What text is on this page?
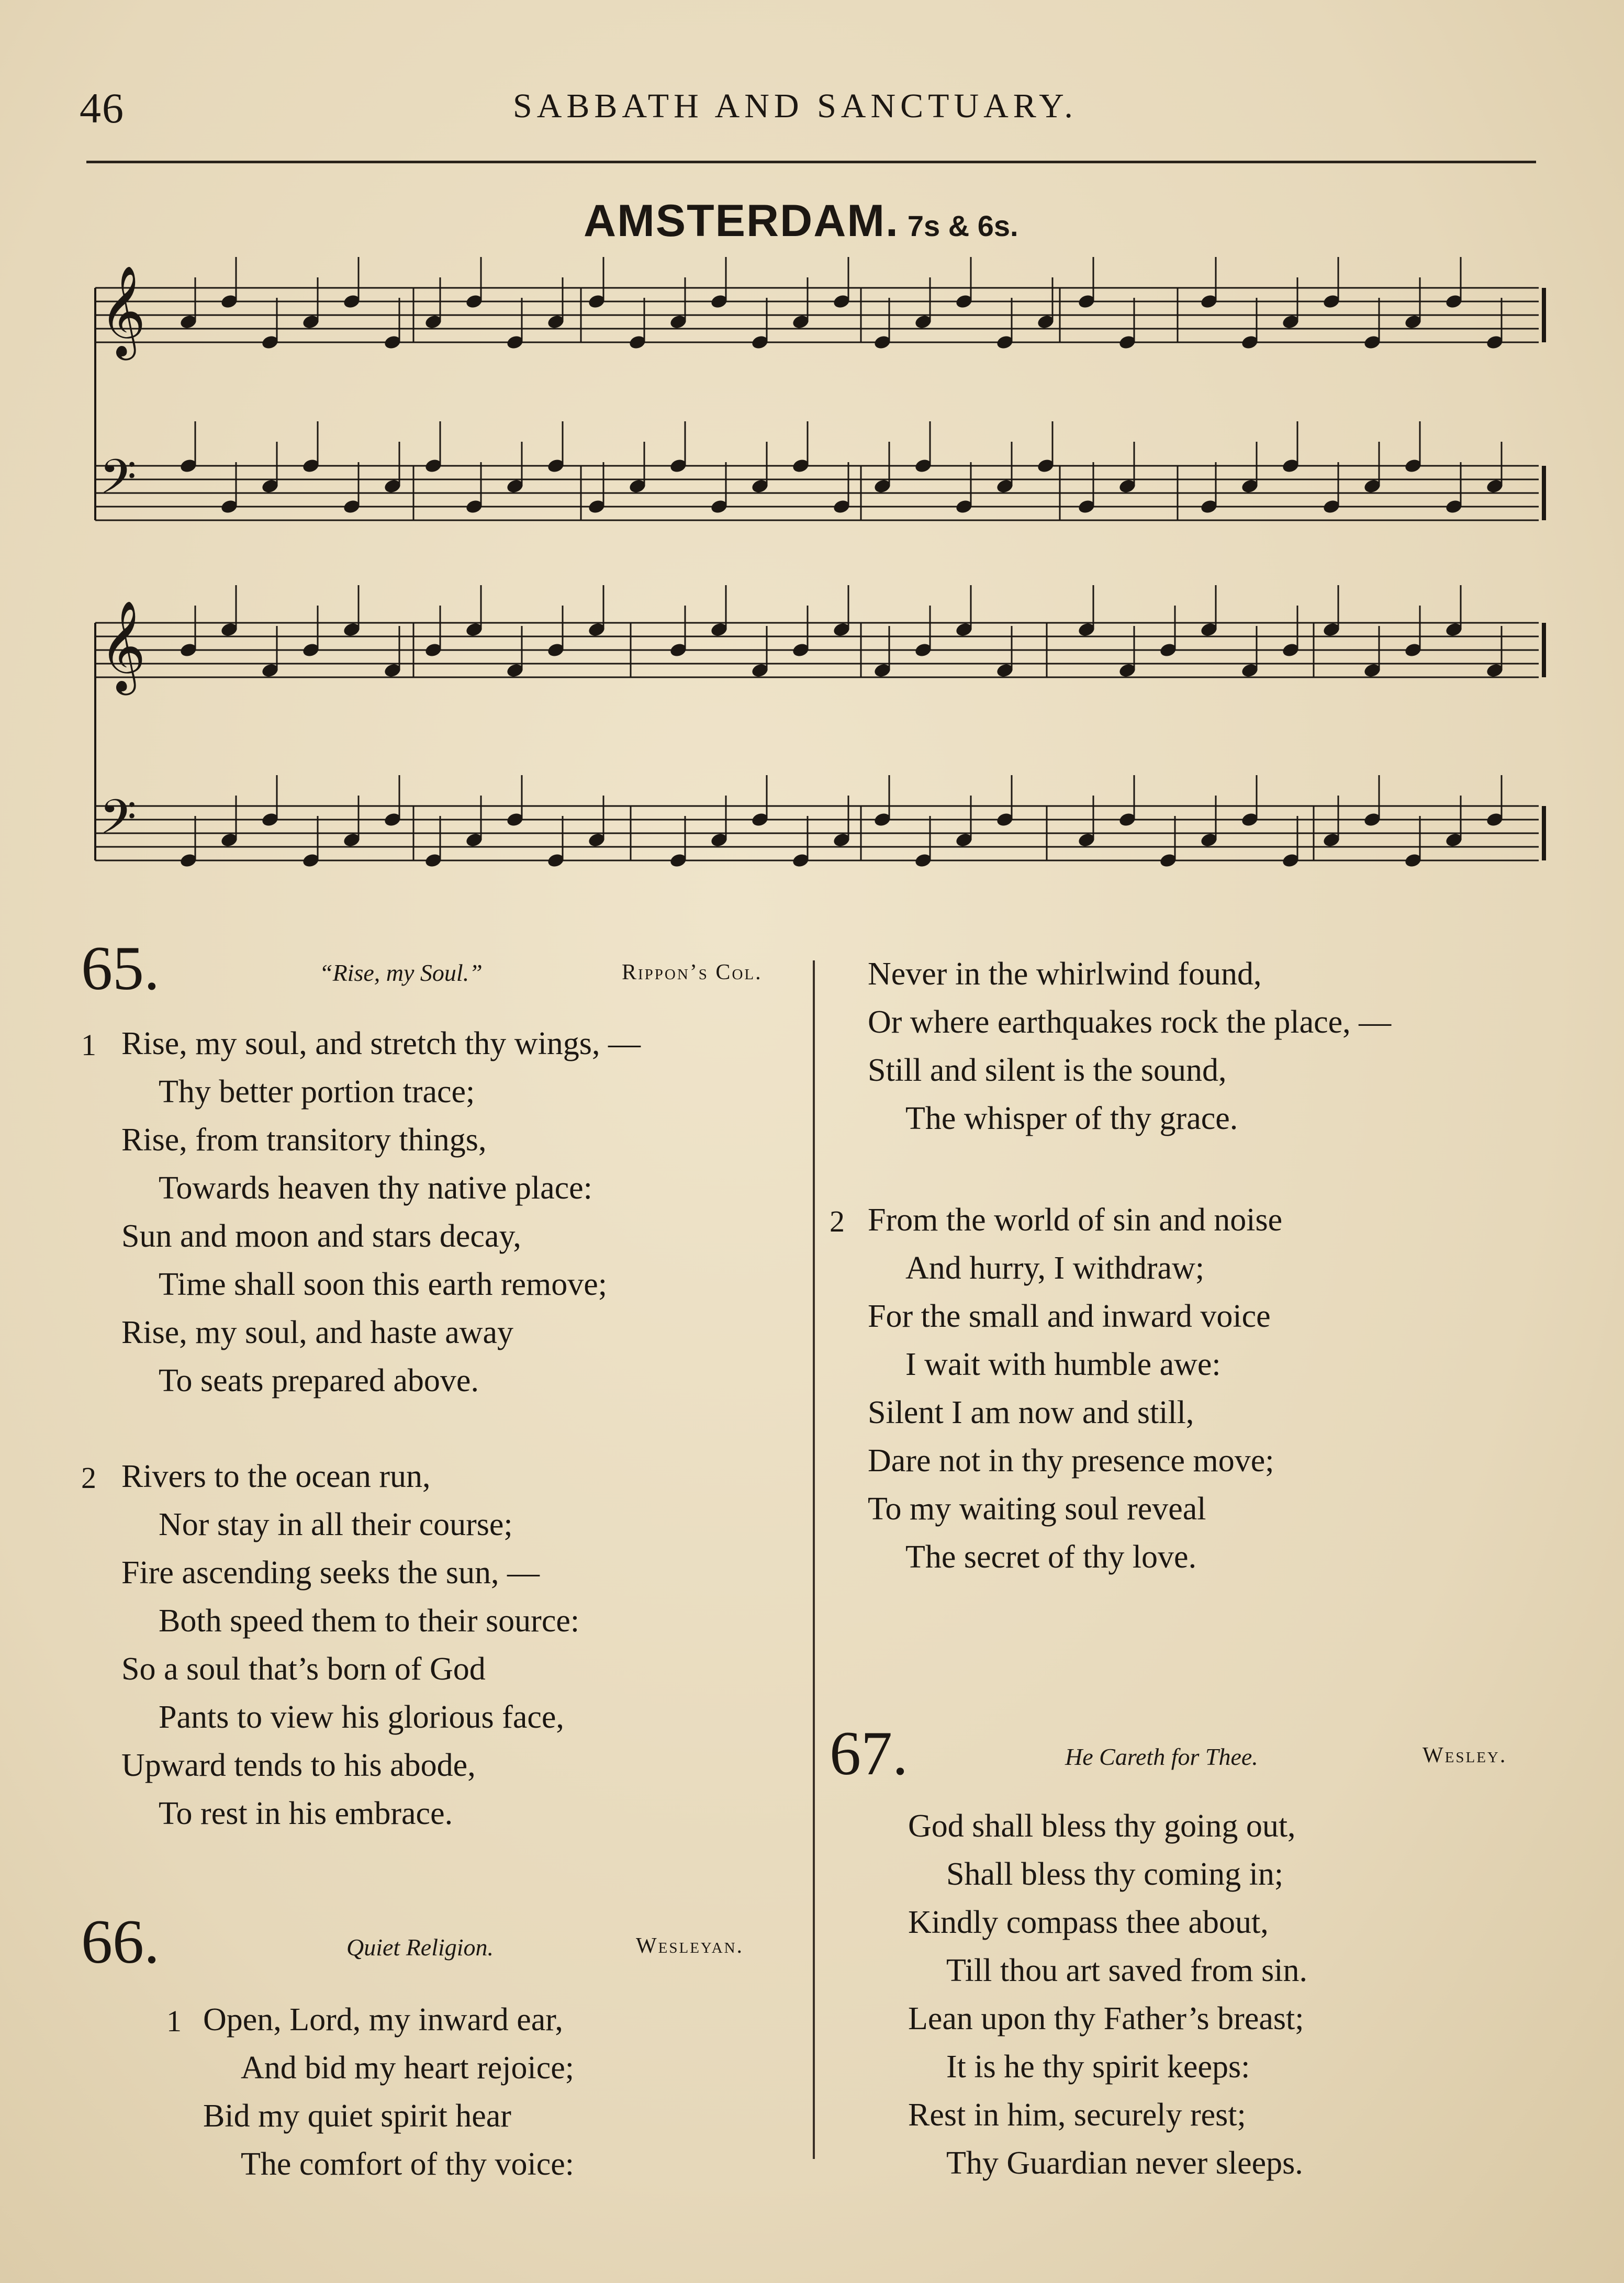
46	SABBATH AND SANCTUARY.
AMSTERDAM. 7s & 6s.
𝄞
𝄢
𝄞
𝄢
65.	“Rise, my Soul.”	Rippon’s Col.
1 Rise, my soul, and stretch thy wings, —
Thy better portion trace;
Rise, from transitory things,
Towards heaven thy native place:
Sun and moon and stars decay,
Time shall soon this earth remove;
Rise, my soul, and haste away
To seats prepared above.
2 Rivers to the ocean run,
Nor stay in all their course;
Fire ascending seeks the sun, —
Both speed them to their source:
So a soul that’s born of God
Pants to view his glorious face,
Upward tends to his abode,
To rest in his embrace.
66.	Quiet Religion.	Wesleyan.
1 Open, Lord, my inward ear,
And bid my heart rejoice;
Bid my quiet spirit hear
The comfort of thy voice:
Never in the whirlwind found,
Or where earthquakes rock the place, —
Still and silent is the sound,
The whisper of thy grace.
2 From the world of sin and noise
And hurry, I withdraw;
For the small and inward voice
I wait with humble awe:
Silent I am now and still,
Dare not in thy presence move;
To my waiting soul reveal
The secret of thy love.
67.	He Careth for Thee.	Wesley.
God shall bless thy going out,
Shall bless thy coming in;
Kindly compass thee about,
Till thou art saved from sin.
Lean upon thy Father’s breast;
It is he thy spirit keeps:
Rest in him, securely rest;
Thy Guardian never sleeps.
